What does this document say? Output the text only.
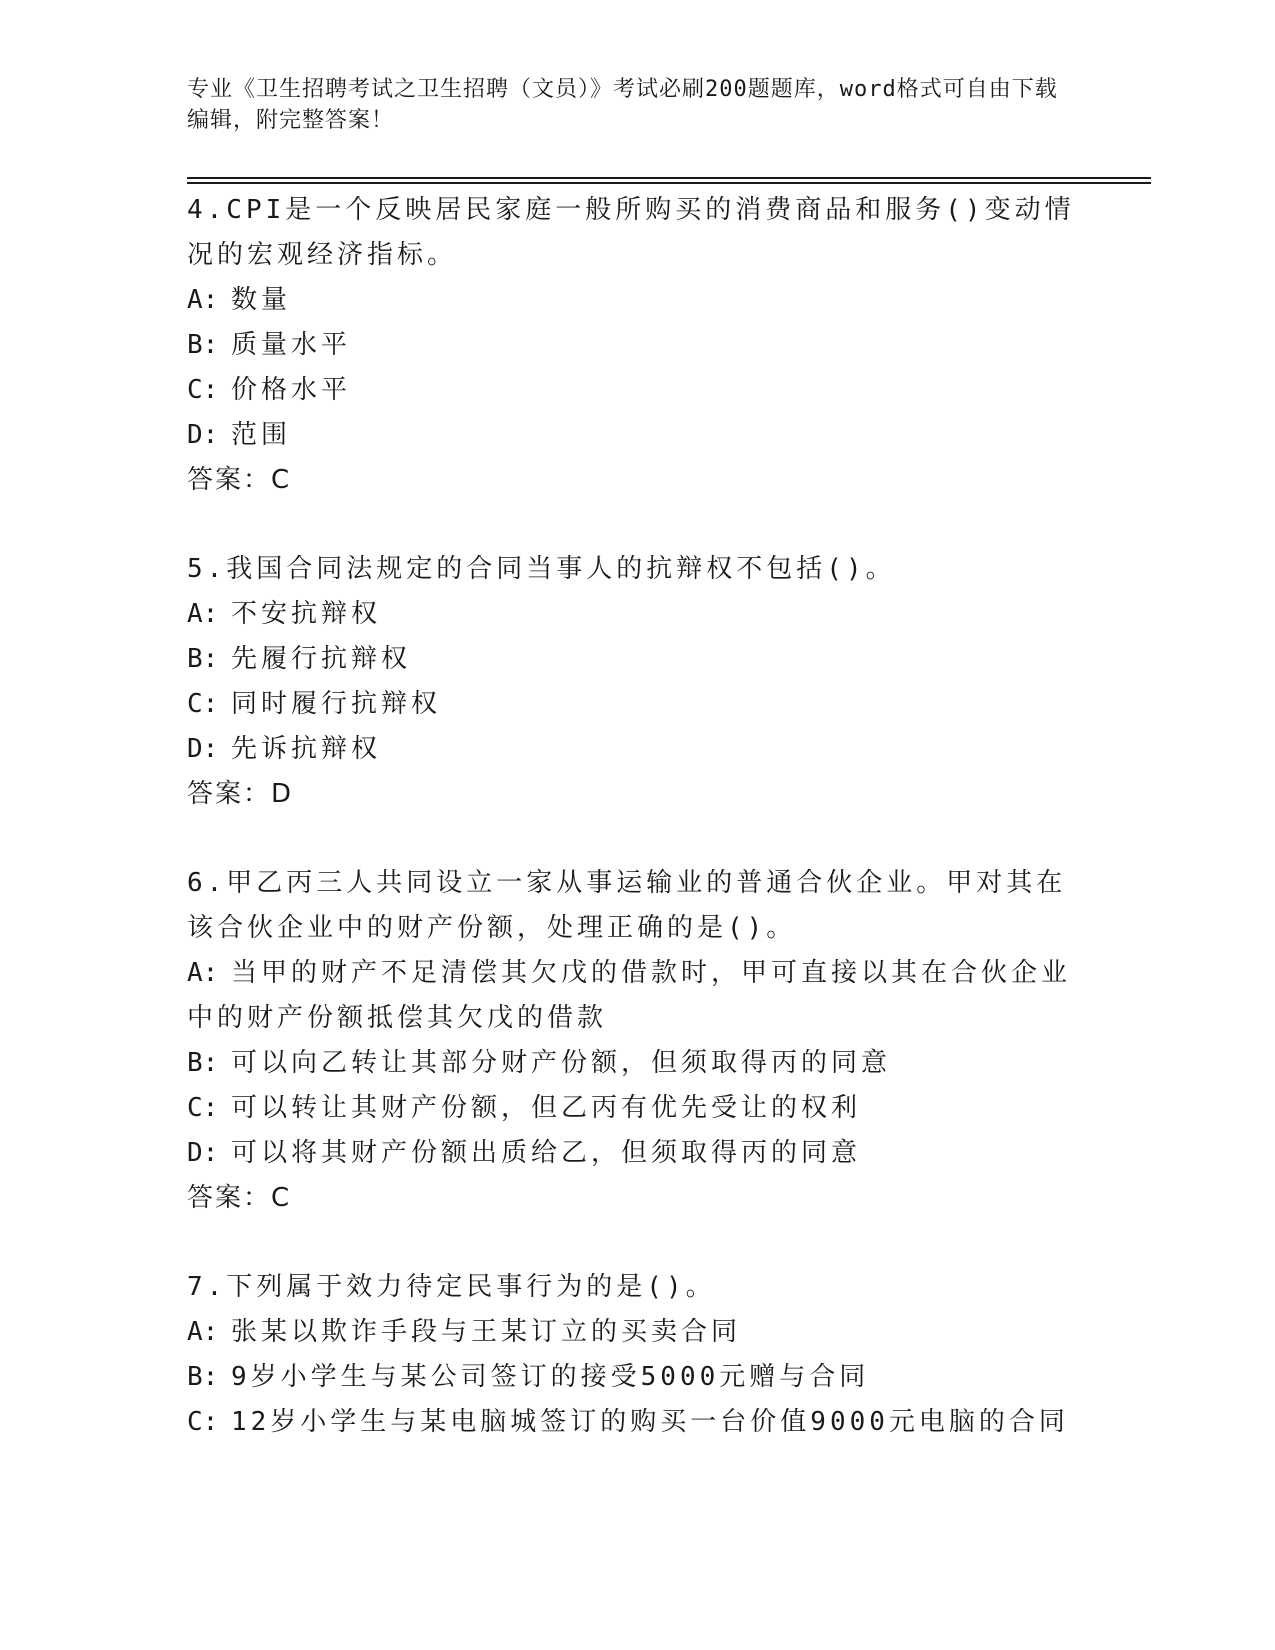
专业《卫生招聘考试之卫生招聘（文员）》考试必刷200题题库，word格式可自由下载编辑，附完整答案！

4.CPI是一个反映居民家庭一般所购买的消费商品和服务()变动情况的宏观经济指标。

A: 数量

B: 质量水平

C: 价格水平

D: 范围

答案：C

5.我国合同法规定的合同当事人的抗辩权不包括()。

A: 不安抗辩权

B: 先履行抗辩权

C: 同时履行抗辩权

D: 先诉抗辩权

答案：D

6.甲乙丙三人共同设立一家从事运输业的普通合伙企业。甲对其在该合伙企业中的财产份额，处理正确的是()。

A: 当甲的财产不足清偿其欠戊的借款时，甲可直接以其在合伙企业中的财产份额抵偿其欠戊的借款

B: 可以向乙转让其部分财产份额，但须取得丙的同意

C: 可以转让其财产份额，但乙丙有优先受让的权利

D: 可以将其财产份额出质给乙，但须取得丙的同意

答案：C

7.下列属于效力待定民事行为的是()。

A: 张某以欺诈手段与王某订立的买卖合同

B: 9岁小学生与某公司签订的接受5000元赠与合同

C: 12岁小学生与某电脑城签订的购买一台价值9000元电脑的合同
